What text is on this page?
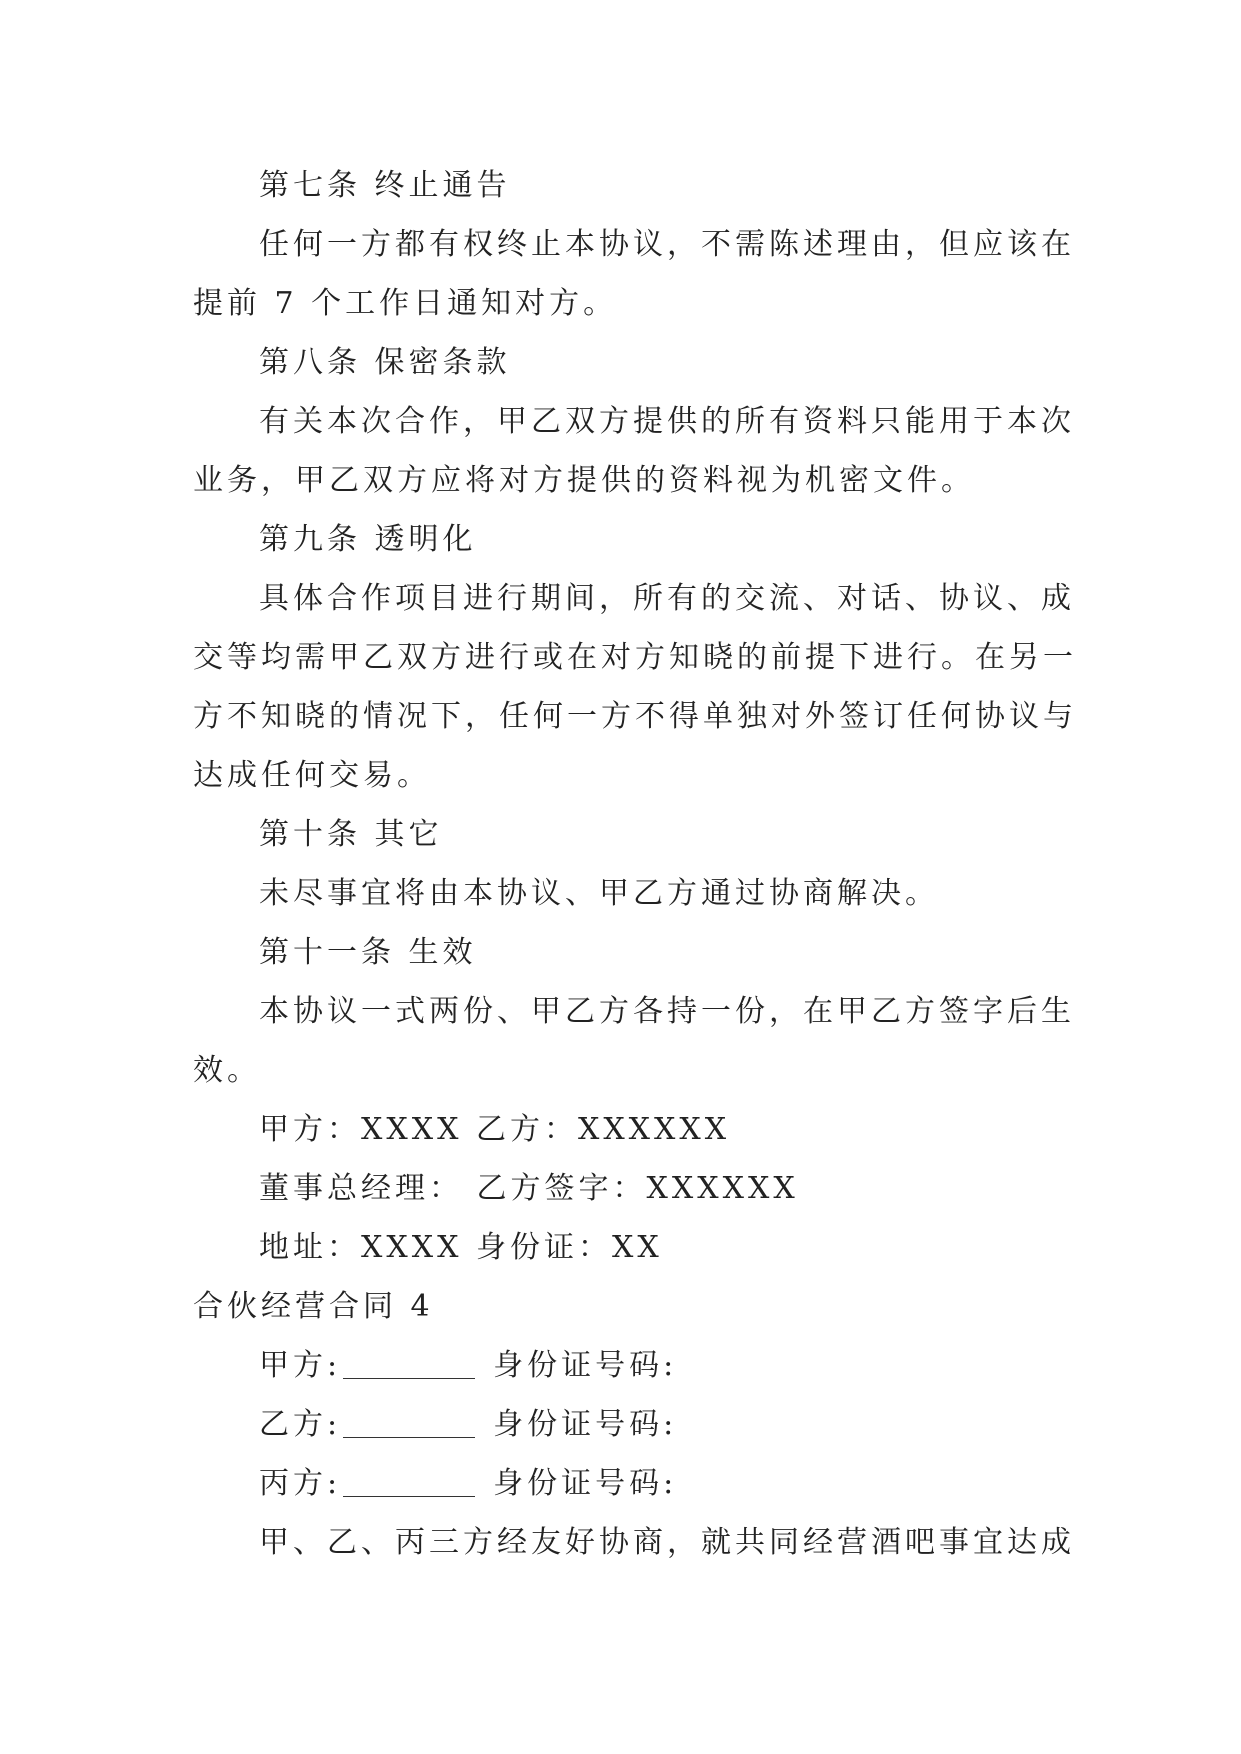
第七条 终止通告
任何一方都有权终止本协议，不需陈述理由，但应该在
提前 7 个工作日通知对方。
第八条 保密条款
有关本次合作，甲乙双方提供的所有资料只能用于本次
业务，甲乙双方应将对方提供的资料视为机密文件。
第九条 透明化
具体合作项目进行期间，所有的交流、对话、协议、成
交等均需甲乙双方进行或在对方知晓的前提下进行。在另一
方不知晓的情况下，任何一方不得单独对外签订任何协议与
达成任何交易。
第十条 其它
未尽事宜将由本协议、甲乙方通过协商解决。
第十一条 生效
本协议一式两份、甲乙方各持一份，在甲乙方签字后生
效。
甲方：XXXX 乙方：XXXXXX
董事总经理： 乙方签字：XXXXXX
地址：XXXX 身份证：XX
合伙经营合同 4
甲方:	身份证号码:
乙方:	身份证号码:
丙方:	身份证号码:
甲、乙、丙三方经友好协商，就共同经营酒吧事宜达成
